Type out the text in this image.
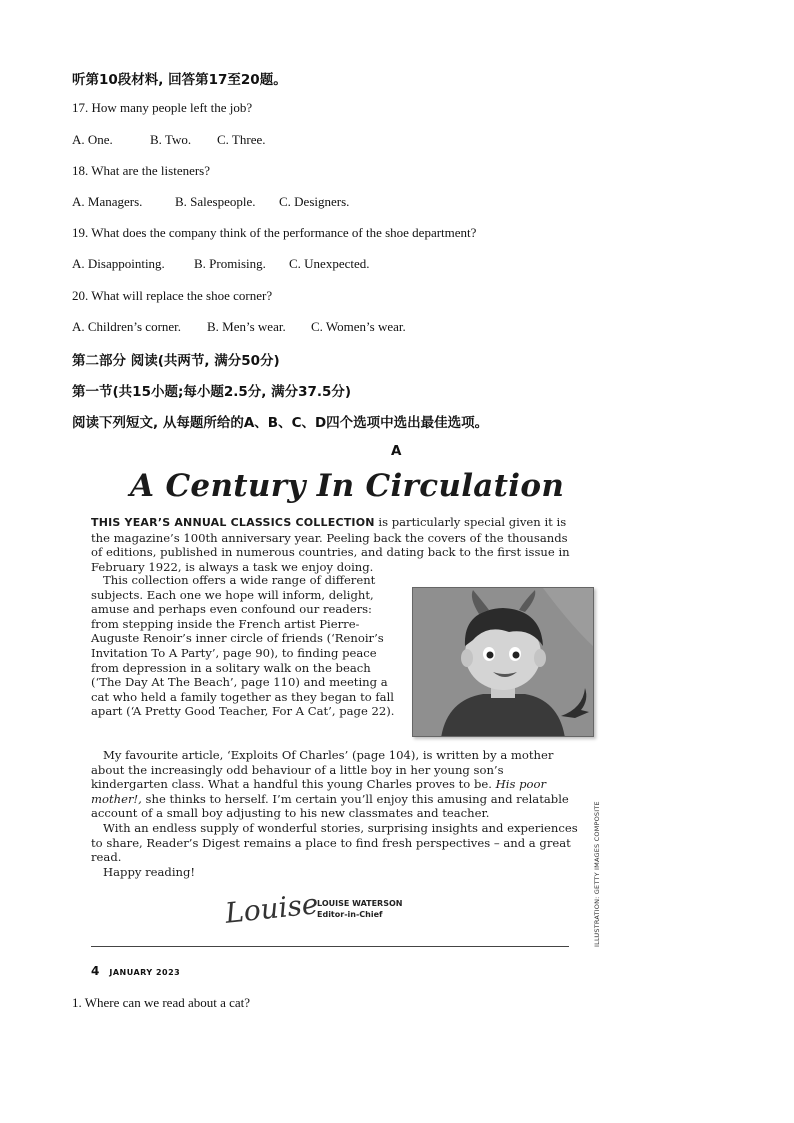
听第10段材料, 回答第17至20题。
17. How many people left the job?
A. One.	B. Two. C. Three.
18. What are the listeners?
A. Managers.	B. Salespeople. C. Designers.
19. What does the company think of the performance of the shoe department?
A. Disappointing. B. Promising. C. Unexpected.
20. What will replace the shoe corner?
A. Children’s corner. B. Men’s wear. C. Women’s wear.
第二部分 阅读(共两节, 满分50分)
第一节(共15小题;每小题2.5分, 满分37.5分)
阅读下列短文, 从每题所给的A、B、C、D四个选项中选出最佳选项。
A
A Century In Circulation
THIS YEAR’S ANNUAL CLASSICS COLLECTION is particularly special given it is the magazine’s 100th anniversary year. Peeling back the covers of the thousands of editions, published in numerous countries, and dating back to the first issue in February 1922, is always a task we enjoy doing.
This collection offers a wide range of different subjects. Each one we hope will inform, delight, amuse and perhaps even confound our readers: from stepping inside the French artist Pierre-Auguste Renoir’s inner circle of friends (‘Renoir’s Invitation To A Party’, page 90), to finding peace from depression in a solitary walk on the beach (‘The Day At The Beach’, page 110) and meeting a cat who held a family together as they began to fall apart (‘A Pretty Good Teacher, For A Cat’, page 22).
My favourite article, ‘Exploits Of Charles’ (page 104), is written by a mother about the increasingly odd behaviour of a little boy in her young son’s kindergarten class. What a handful this young Charles proves to be. His poor mother!, she thinks to herself. I’m certain you’ll enjoy this amusing and relatable account of a small boy adjusting to his new classmates and teacher.
With an endless supply of wonderful stories, surprising insights and experiences to share, Reader’s Digest remains a place to find fresh perspectives – and a great read.
Happy reading!
Louise
LOUISE WATERSON
Editor-in-Chief	ILLUSTRATION: GETTY IMAGES COMPOSITE
4 JANUARY 2023
1. Where can we read about a cat?
